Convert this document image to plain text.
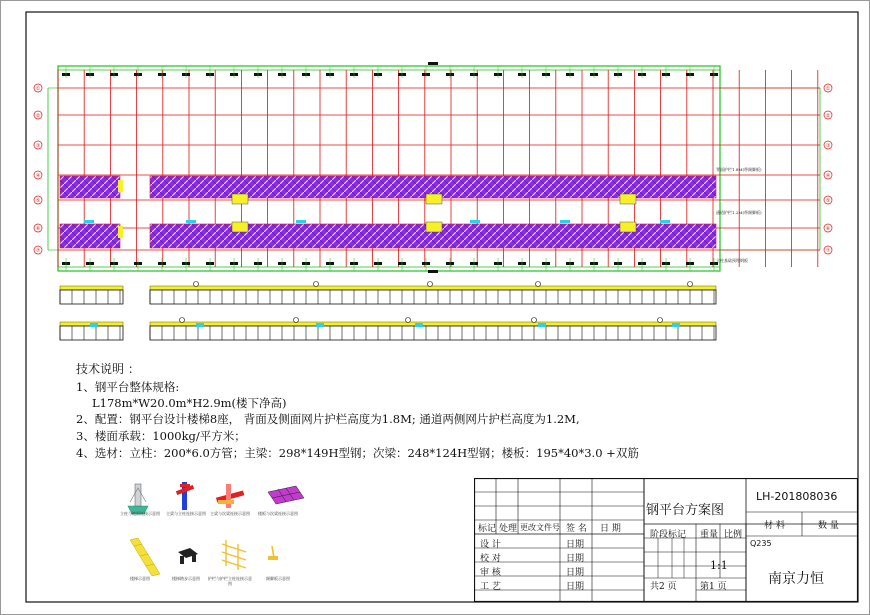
①	①
②	②
③	③
④	④
⑤	⑤
⑥	⑥
⑦	⑦
背面护栏1.8M(带踢脚板)
通道护栏1.2M(带踢脚板)
立柱基础预埋钢板
技术说明 ：
1、钢平台整体规格:
L178m*W20.0m*H2.9m(楼下净高)
2、配置：钢平台设计楼梯8座， 背面及侧面网片护栏高度为1.8M; 通道两侧网片护栏高度为1.2M,
3、楼面承载：1000kg/平方米；
4、选材：立柱：200*6.0方管；主梁：298*149H型钢；次梁：248*124H型钢；楼板：195*40*3.0 +双筋
立柱与地面连接示意图	主梁与立柱连接示意图	主梁与次梁连接示意图	楼板与次梁连接示意图
楼梯示意图	楼梯踏步示意图	护栏与护栏立柱连接示意图
踢脚板示意图
标记 处理 更改文件号 签 名 日 期
设 计	日期
校 对	日期
审 核	日期
工 艺	日期
钢平台方案图
LH-201808036
材 料	数 量
阶段标记 重量 比例
Q235
1:1
共2 页	第1 页	南京力恒
